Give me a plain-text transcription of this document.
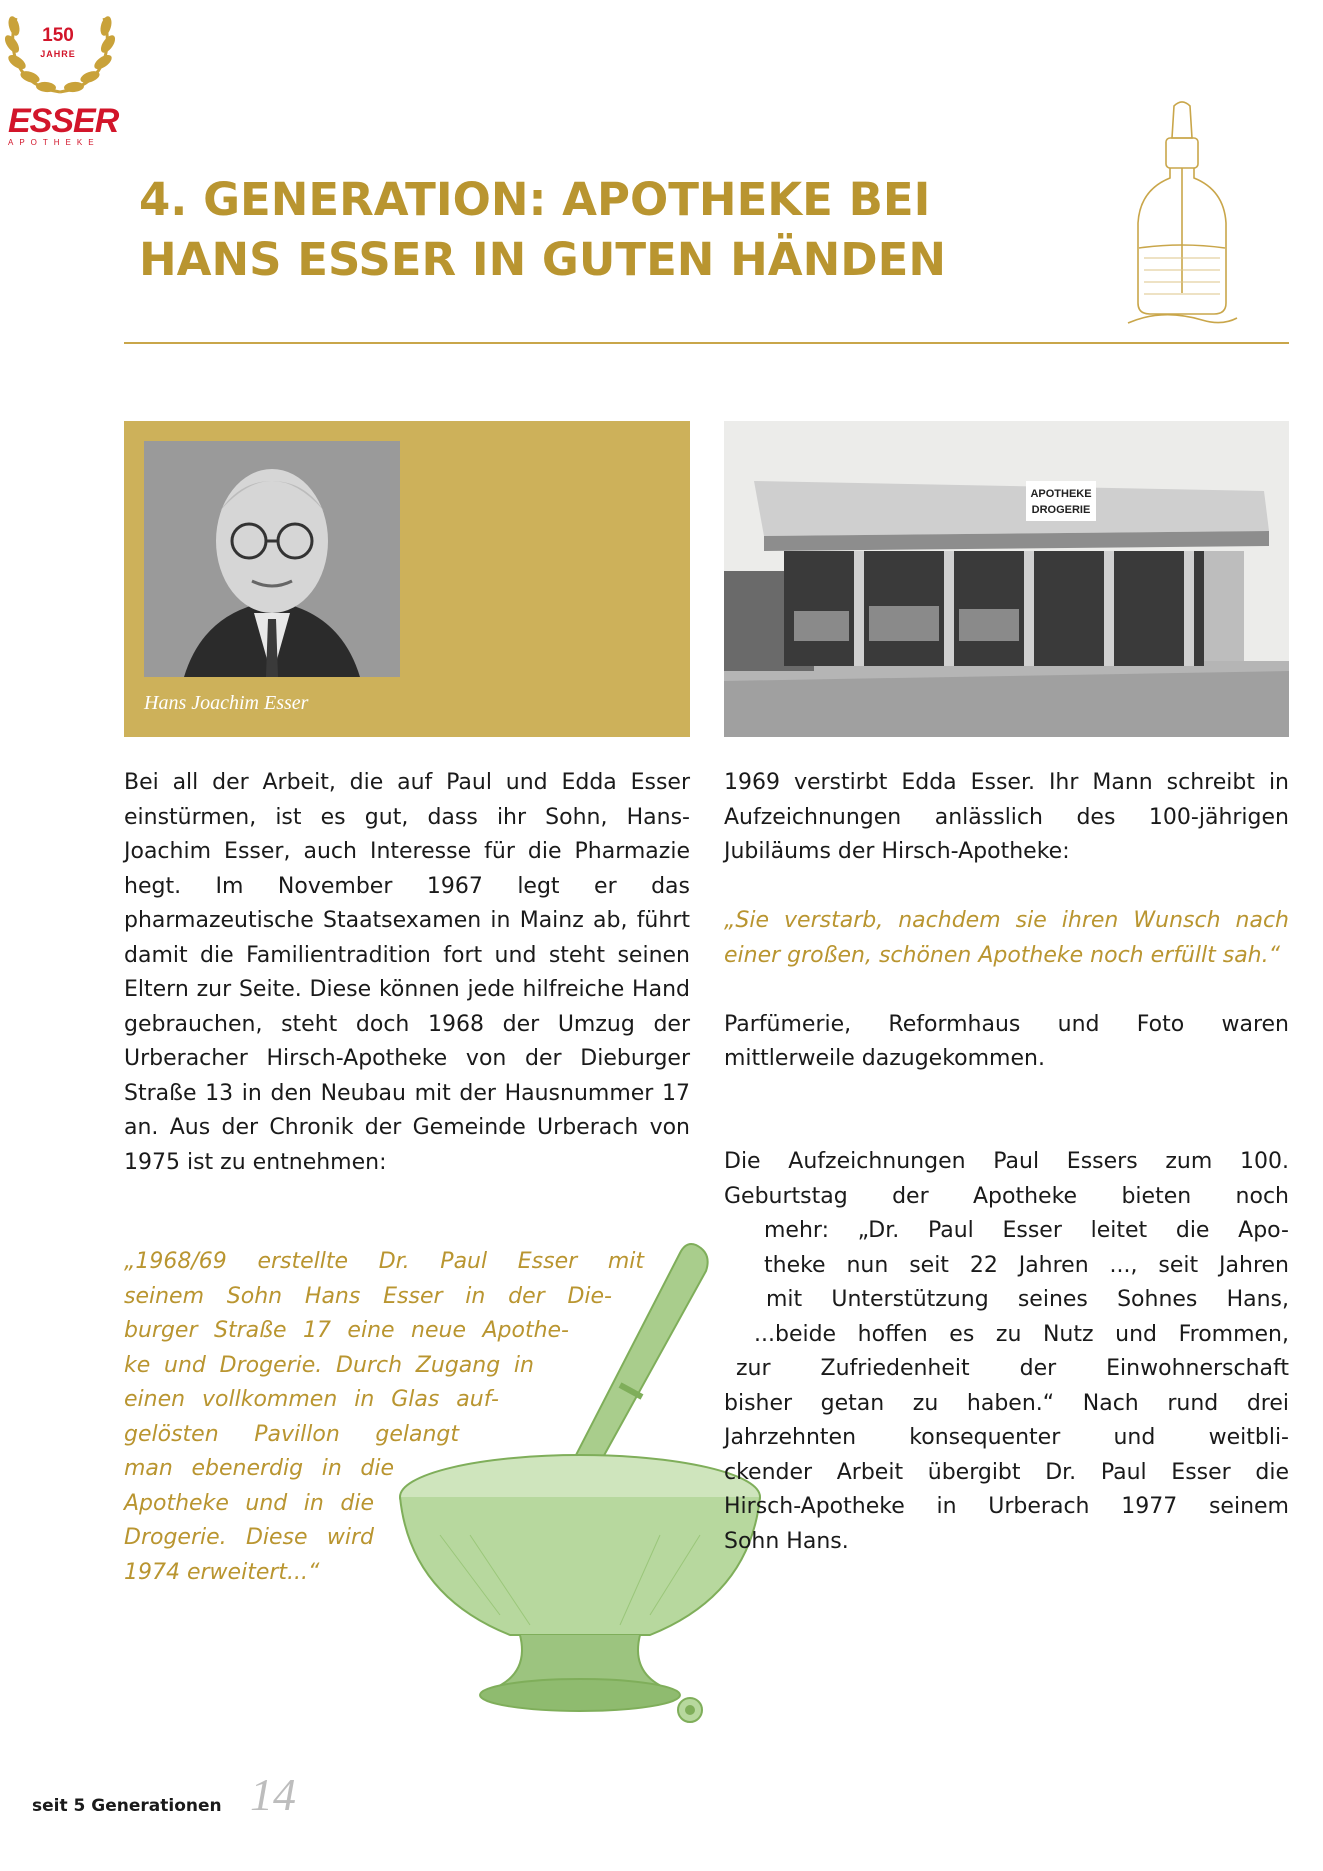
150
JAHRE
ESSER
APOTHEKE
4. GENERATION: APOTHEKE BEI
HANS ESSER IN GUTEN HÄNDEN
Hans Joachim Esser
APOTHEKE
DROGERIE

Bei all der Arbeit, die auf Paul und Edda Esser einstürmen, ist es gut, dass ihr Sohn, Hans-Joachim Esser, auch Interesse für die Pharmazie hegt. Im November 1967 legt er das pharmazeutische Staatsexamen in Mainz ab, führt damit die Familientradition fort und steht seinen Eltern zur Seite. Diese können jede hilfreiche Hand gebrauchen, steht doch 1968 der Umzug der Urberacher Hirsch-Apotheke von der Dieburger Straße 13 in den Neubau mit der Hausnummer 17 an. Aus der Chronik der Gemeinde Urberach von 1975 ist zu entnehmen:

„1968/69 erstellte Dr. Paul Esser mit
seinem Sohn Hans Esser in der Die-
burger Straße 17 eine neue Apothe-
ke und Drogerie. Durch Zugang in
einen vollkommen in Glas auf-
gelösten Pavillon gelangt
man ebenerdig in die
Apotheke und in die
Drogerie. Diese wird
1974 erweitert...“

1969 verstirbt Edda Esser. Ihr Mann schreibt in Aufzeichnungen anlässlich des 100-jährigen Jubiläums der Hirsch-Apotheke:

„Sie verstarb, nachdem sie ihren Wunsch nach einer großen, schönen Apotheke noch erfüllt sah.“

Parfümerie, Reformhaus und Foto waren mittlerweile dazugekommen.

Die Aufzeichnungen Paul Essers zum 100.
Geburtstag der Apotheke bieten noch
mehr: „Dr. Paul Esser leitet die Apo-
theke nun seit 22 Jahren ..., seit Jahren
mit Unterstützung seines Sohnes Hans,
...beide hoffen es zu Nutz und Frommen,
zur Zufriedenheit der Einwohnerschaft
bisher getan zu haben.“ Nach rund drei
Jahrzehnten konsequenter und weitbli-
ckender Arbeit übergibt Dr. Paul Esser die
Hirsch-Apotheke in Urberach 1977 seinem
Sohn Hans.
seit 5 Generationen 14
